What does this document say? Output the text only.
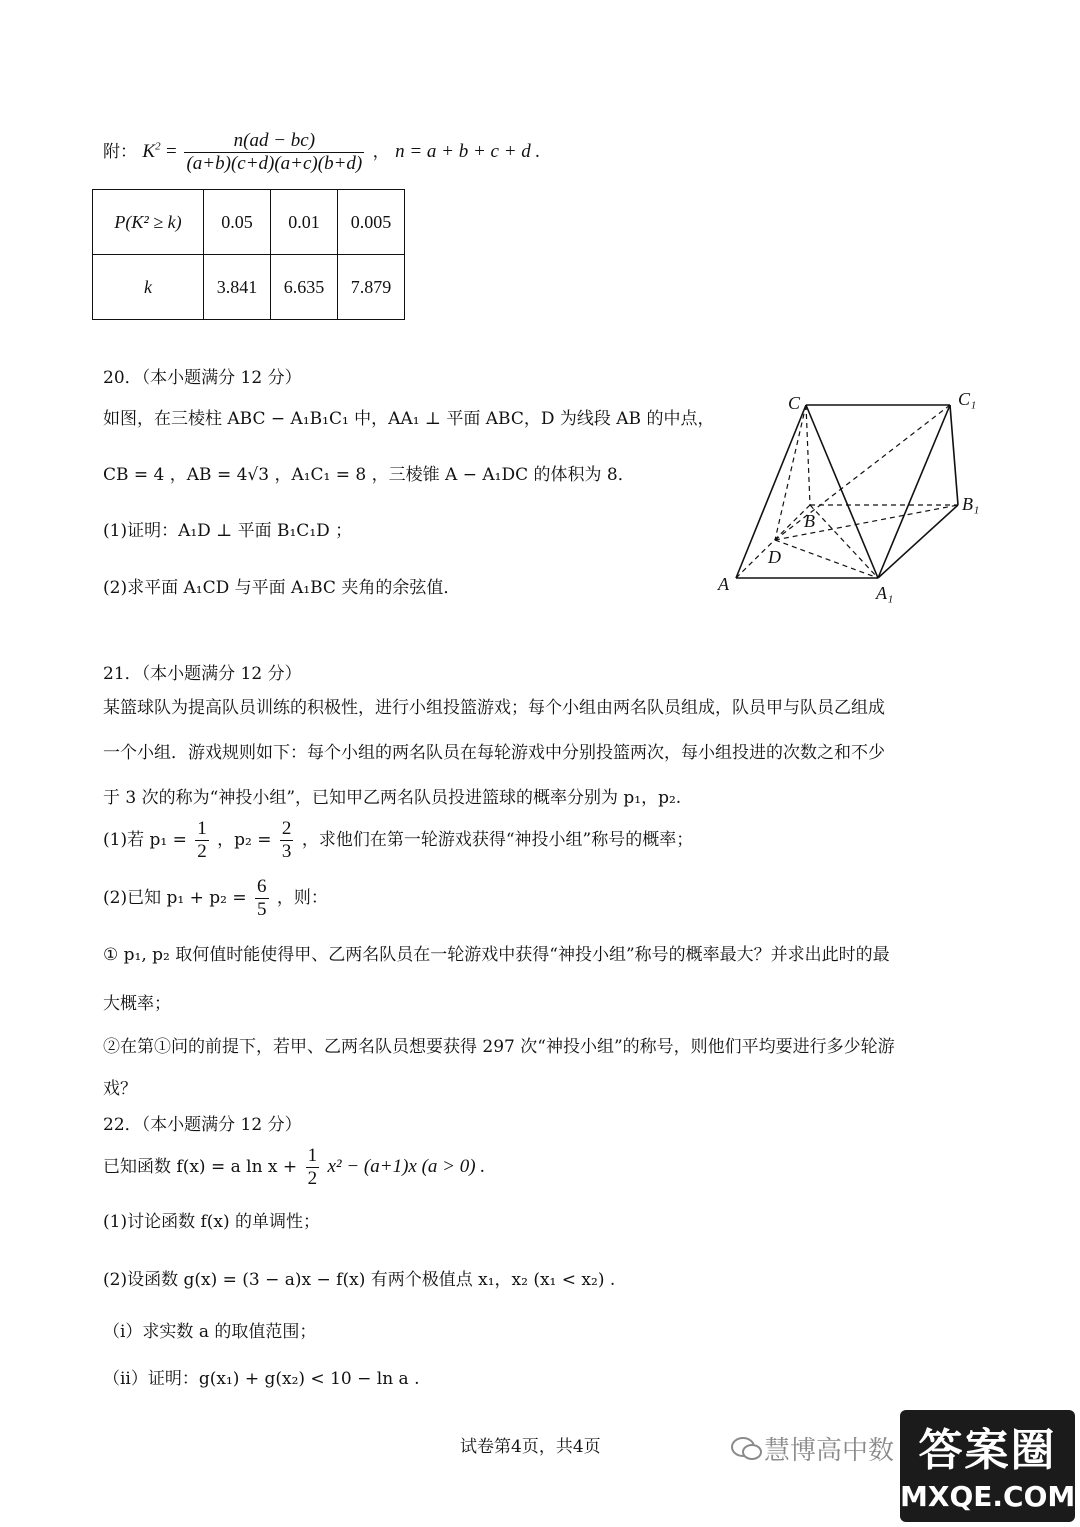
附： $K^2 = \frac{n(ad - bc)}{(a+b)(c+d)(a+c)(b+d)}$ ， n = a + b + c + d .
P(K² ≥ k)	0.05	0.01	0.005
k	3.841	6.635	7.879
20．（本小题满分 12 分）
如图，在三棱柱 ABC − A₁B₁C₁ 中，AA₁ ⊥ 平面 ABC，D 为线段 AB 的中点，
CB = 4 ，AB = 4√3 ，A₁C₁ = 8 ，三棱锥 A − A₁DC 的体积为 8．
(1)证明：A₁D ⊥ 平面 B₁C₁D ；
(2)求平面 A₁CD 与平面 A₁BC 夹角的余弦值．
C	C₁
B
B₁
D
A	A₁
21．（本小题满分 12 分）
某篮球队为提高队员训练的积极性，进行小组投篮游戏；每个小组由两名队员组成，队员甲与队员乙组成
一个小组．游戏规则如下：每个小组的两名队员在每轮游戏中分别投篮两次，每小组投进的次数之和不少
于 3 次的称为“神投小组”，已知甲乙两名队员投进篮球的概率分别为 p₁，p₂.
(1)若 $p_1 = \frac{1}{2}$ ，$p_2 = \frac{2}{3}$ ，求他们在第一轮游戏获得“神投小组”称号的概率；
(2)已知 $p_1 + p_2 = \frac{6}{5}$ ，则：
① p₁, p₂ 取何值时能使得甲、乙两名队员在一轮游戏中获得“神投小组”称号的概率最大？并求出此时的最
大概率；
②在第①问的前提下，若甲、乙两名队员想要获得 297 次“神投小组”的称号，则他们平均要进行多少轮游
戏？
22．（本小题满分 12 分）
已知函数 f(x) = a $\ln x + \frac{1}{2} x^2 - (a+1)x$ (a > 0) .
(1)讨论函数 f(x) 的单调性；
(2)设函数 g(x) = (3 − a)x − f(x) 有两个极值点 x₁，x₂ (x₁ < x₂) .
（i）求实数 a 的取值范围；
（ii）证明：g(x₁) + g(x₂) < 10 − ln a .
试卷第4页，共4页	慧博高中数 答案圈
MXQE.COM
